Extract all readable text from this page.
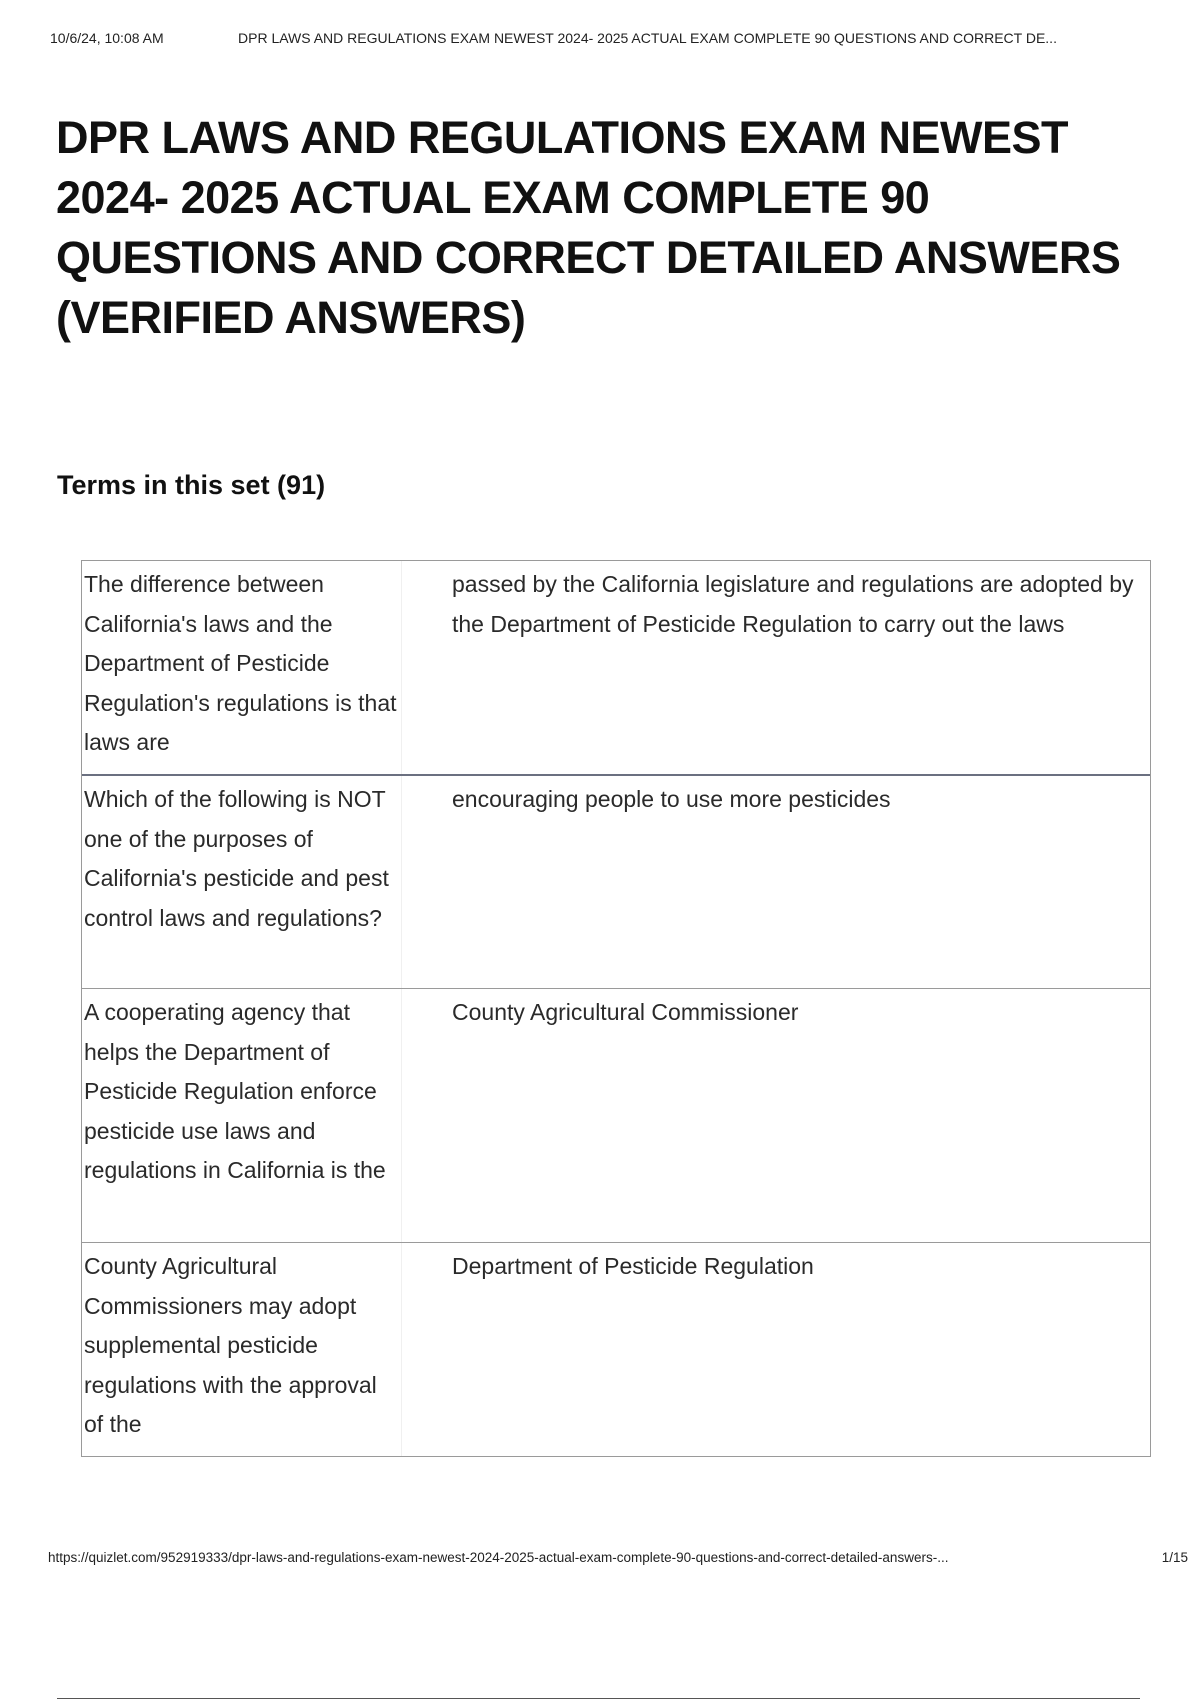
10/6/24, 10:08 AM	DPR LAWS AND REGULATIONS EXAM NEWEST 2024- 2025 ACTUAL EXAM COMPLETE 90 QUESTIONS AND CORRECT DE...
DPR LAWS AND REGULATIONS EXAM NEWEST 2024- 2025 ACTUAL EXAM COMPLETE 90 QUESTIONS AND CORRECT DETAILED ANSWERS (VERIFIED ANSWERS)
Terms in this set (91)
The difference between California's laws and the Department of Pesticide Regulation's regulations is that laws are
passed by the California legislature and regulations are adopted by the Department of Pesticide Regulation to carry out the laws
Which of the following is NOT one of the purposes of California's pesticide and pest control laws and regulations?
encouraging people to use more pesticides
A cooperating agency that helps the Department of Pesticide Regulation enforce pesticide use laws and regulations in California is the
County Agricultural Commissioner
County Agricultural Commissioners may adopt supplemental pesticide regulations with the approval of the
Department of Pesticide Regulation
https://quizlet.com/952919333/dpr-laws-and-regulations-exam-newest-2024-2025-actual-exam-complete-90-questions-and-correct-detailed-answers-...	1/15
